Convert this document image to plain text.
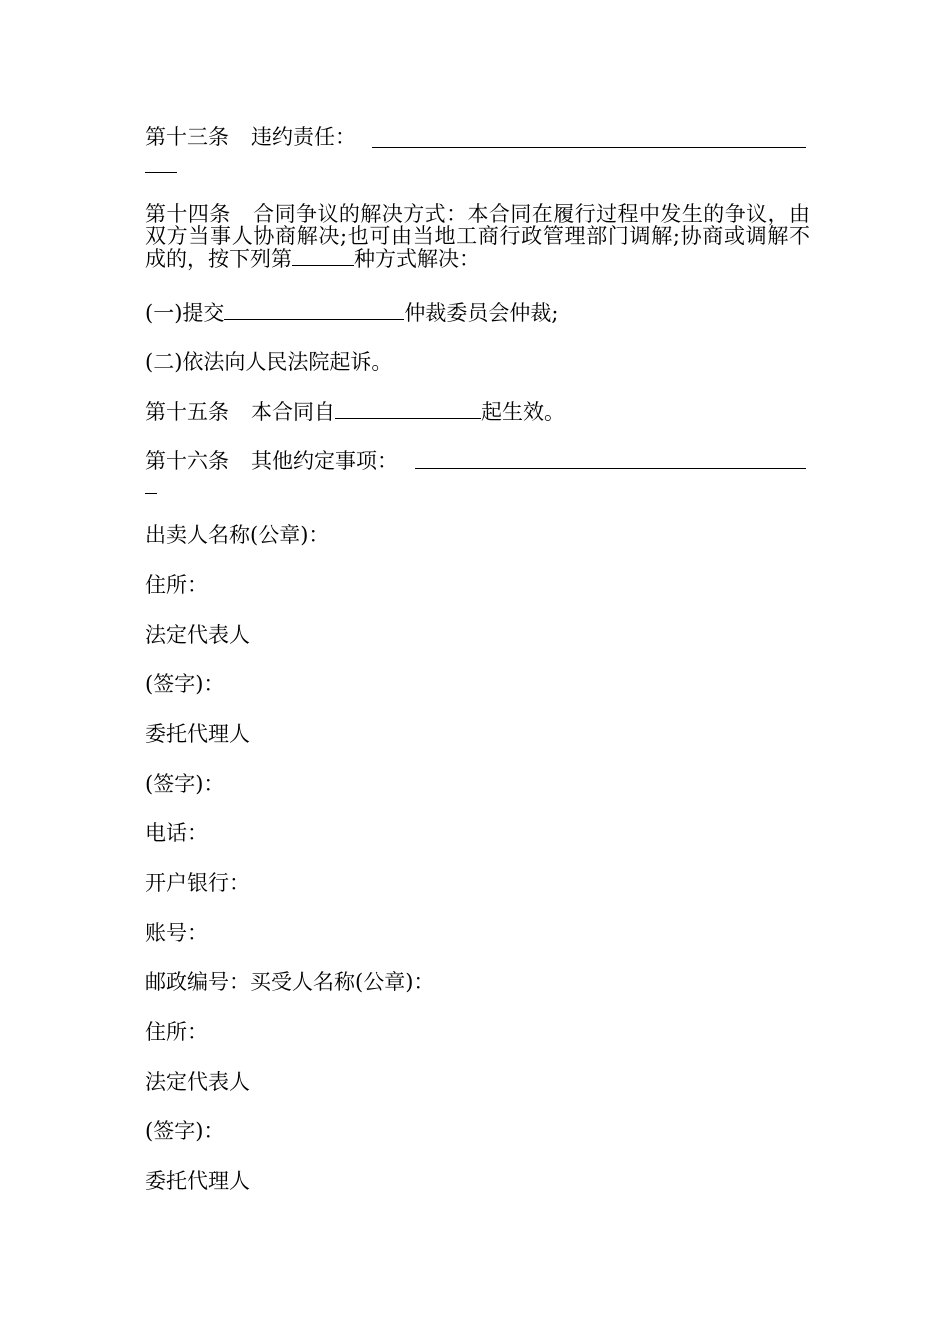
第十三条 违约责任：
第十四条 合同争议的解决方式：本合同在履行过程中发生的争议，由双方当事人协商解决;也可由当地工商行政管理部门调解;协商或调解不成的，按下列第	种方式解决：
(一)提交	仲裁委员会仲裁;
(二)依法向人民法院起诉。
第十五条 本合同自	起生效。
第十六条 其他约定事项：
出卖人名称(公章)：
住所：
法定代表人
(签字)：
委托代理人
(签字)：
电话：
开户银行：
账号：
邮政编号：买受人名称(公章)：
住所：
法定代表人
(签字)：
委托代理人
